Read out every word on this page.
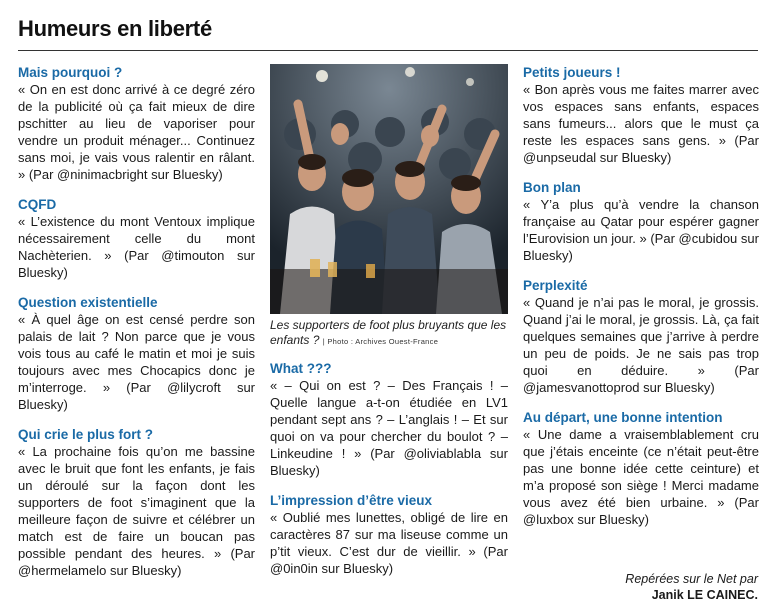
Humeurs en liberté
Mais pourquoi ?

« On en est donc arrivé à ce degré zéro de la publicité où ça fait mieux de dire pschitter au lieu de vaporiser pour vendre un produit ménager... Continuez sans moi, je vais vous ralentir en râlant. » (Par @ninimacbright sur Bluesky)

CQFD

« L’existence du mont Ventoux implique nécessairement celle du mont Nachèterien. » (Par @timouton sur Bluesky)

Question existentielle

« À quel âge on est censé perdre son palais de lait ? Non parce que je vous vois tous au café le matin et moi je suis toujours avec mes Chocapics donc je m’interroge. » (Par @lilycroft sur Bluesky)

Qui crie le plus fort ?

« La prochaine fois qu’on me bassine avec le bruit que font les enfants, je fais un déroulé sur la façon dont les supporters de foot s’imaginent que la meilleure façon de suivre et célébrer un match est de faire un boucan pas possible pendant des heures. » (Par @hermelamelo sur Bluesky)

Les supporters de foot plus bruyants que les enfants ? | Photo : Archives Ouest-France
What ???

« – Qui on est ? – Des Français ! – Quelle langue a-t-on étudiée en LV1 pendant sept ans ? – L’anglais ! – Et sur quoi on va pour chercher du boulot ? – Linkeudine ! » (Par @oliviablabla sur Bluesky)

L’impression d’être vieux

« Oublié mes lunettes, obligé de lire en caractères 87 sur ma liseuse comme un p’tit vieux. C’est dur de vieillir. » (Par @0in0in sur Bluesky)

Petits joueurs !

« Bon après vous me faites marrer avec vos espaces sans enfants, espaces sans fumeurs... alors que le must ça reste les espaces sans gens. » (Par @unpseudal sur Bluesky)

Bon plan

« Y’a plus qu’à vendre la chanson française au Qatar pour espérer gagner l’Eurovision un jour. » (Par @cubidou sur Bluesky)

Perplexité

« Quand je n’ai pas le moral, je grossis. Quand j’ai le moral, je grossis. Là, ça fait quelques semaines que j’arrive à perdre un peu de poids. Je ne sais pas trop quoi en déduire. » (Par @jamesvanottoprod sur Bluesky)

Au départ, une bonne intention

« Une dame a vraisemblablement cru que j’étais enceinte (ce n’était peut-être pas une bonne idée cette ceinture) et m’a proposé son siège ! Merci madame vous avez été bien urbaine. » (Par @luxbox sur Bluesky)

Repérées sur le Net par
Janik LE CAINEC.
